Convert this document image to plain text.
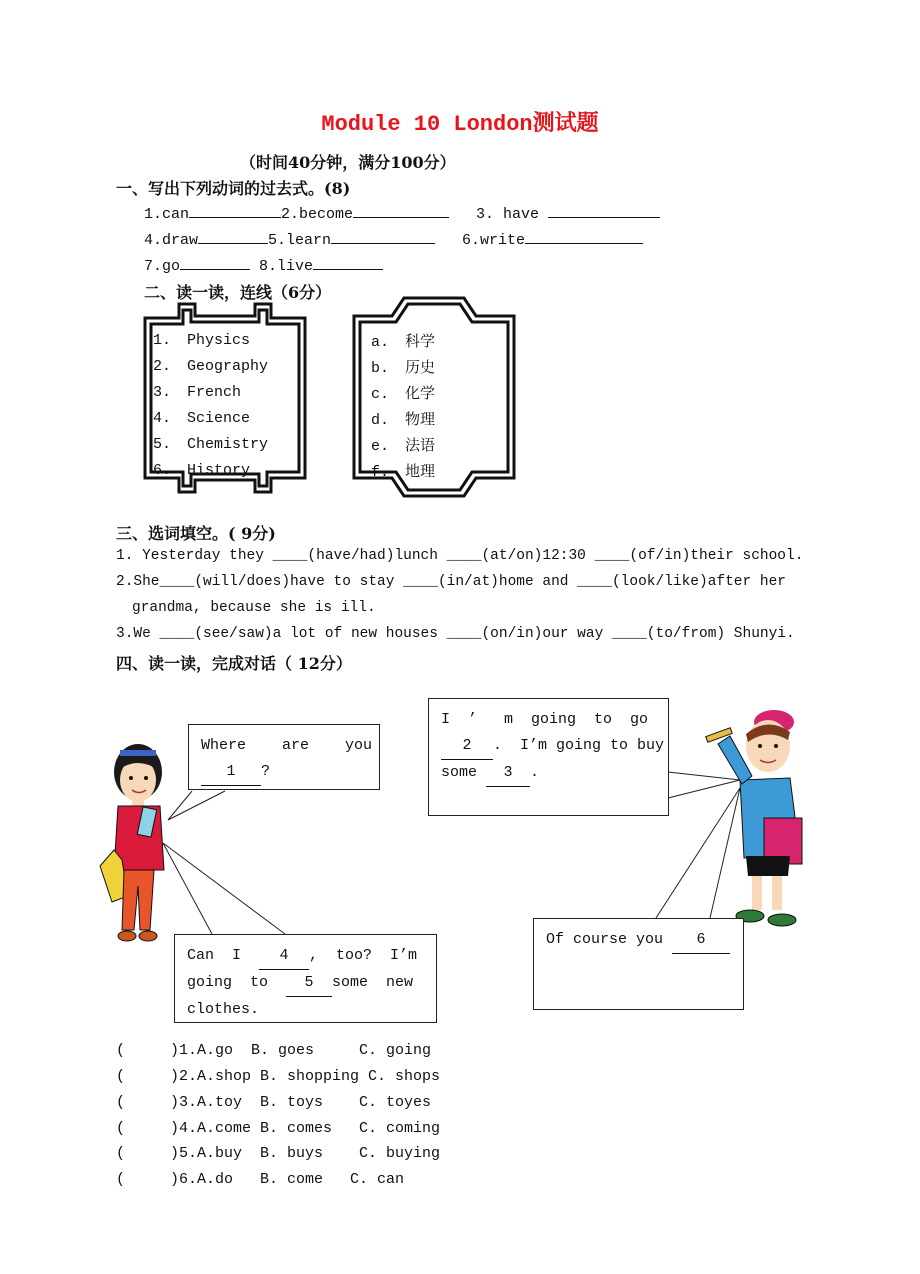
Module 10 London测试题
（时间40分钟，满分100分）
一、写出下列动词的过去式。(8)
1.can	2.become	3. have
4.draw	5.learn	6.write
7.go	8.live
二、读一读，连线（6分）
1. Physics
2. Geography
3. French
4. Science
5. Chemistry
6. History
a. 科学
b. 历史
c. 化学
d. 物理
e. 法语
f. 地理
三、选词填空。( 9分)
1. Yesterday they ____(have/had)lunch ____(at/on)12:30 ____(of/in)their school.
2.She____(will/does)have to stay ____(in/at)home and ____(look/like)after her
grandma, because she is ill.
3.We ____(see/saw)a lot of new houses ____(on/in)our way ____(to/from) Shunyi.
四、读一读，完成对话（ 12分）
Where    are    you
1 ?
I  ’   m  going  to  go
2 .  I’m going to buy
some 3 .
Can  I  4 ,  too?  I’m
going  to  5 some  new
clothes.
Of course you 6
(     )1.A.go  B. goes     C. going
(     )2.A.shop B. shopping C. shops
(     )3.A.toy  B. toys    C. toyes
(     )4.A.come B. comes   C. coming
(     )5.A.buy  B. buys    C. buying
(     )6.A.do   B. come   C. can
